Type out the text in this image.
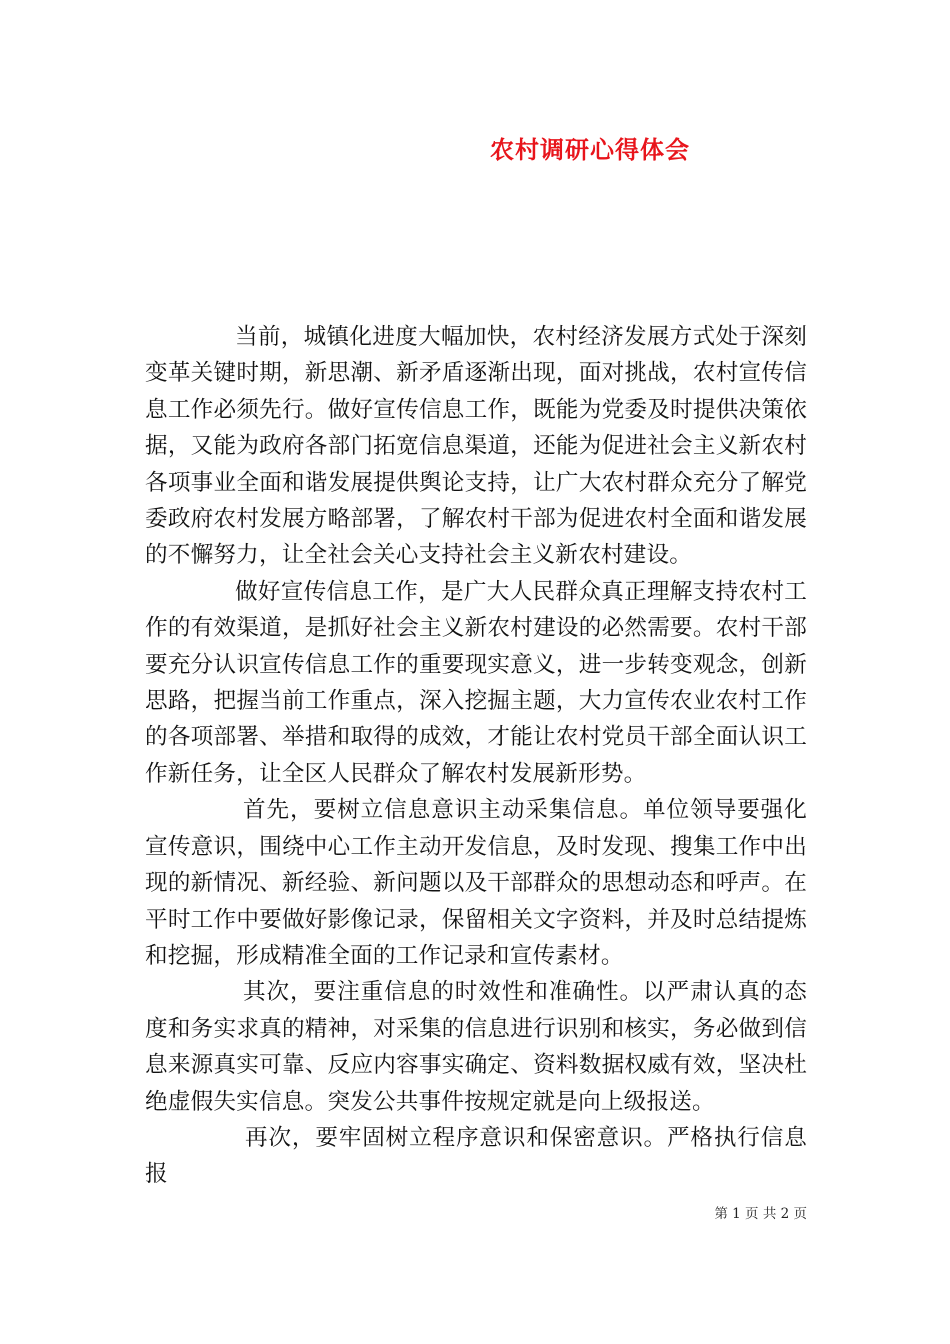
农村调研心得体会

当前，城镇化进度大幅加快，农村经济发展方式处于深刻变革关键时期，新思潮、新矛盾逐渐出现，面对挑战，农村宣传信息工作必须先行。做好宣传信息工作，既能为党委及时提供决策依据，又能为政府各部门拓宽信息渠道，还能为促进社会主义新农村各项事业全面和谐发展提供舆论支持，让广大农村群众充分了解党委政府农村发展方略部署，了解农村干部为促进农村全面和谐发展的不懈努力，让全社会关心支持社会主义新农村建设。

做好宣传信息工作，是广大人民群众真正理解支持农村工作的有效渠道，是抓好社会主义新农村建设的必然需要。农村干部要充分认识宣传信息工作的重要现实意义，进一步转变观念，创新思路，把握当前工作重点，深入挖掘主题，大力宣传农业农村工作的各项部署、举措和取得的成效，才能让农村党员干部全面认识工作新任务，让全区人民群众了解农村发展新形势。

首先，要树立信息意识主动采集信息。单位领导要强化宣传意识，围绕中心工作主动开发信息，及时发现、搜集工作中出现的新情况、新经验、新问题以及干部群众的思想动态和呼声。在平时工作中要做好影像记录，保留相关文字资料，并及时总结提炼和挖掘，形成精准全面的工作记录和宣传素材。

其次，要注重信息的时效性和准确性。以严肃认真的态度和务实求真的精神，对采集的信息进行识别和核实，务必做到信息来源真实可靠、反应内容事实确定、资料数据权威有效，坚决杜绝虚假失实信息。突发公共事件按规定就是向上级报送。

再次，要牢固树立程序意识和保密意识。严格执行信息报

第 1 页 共 2 页
